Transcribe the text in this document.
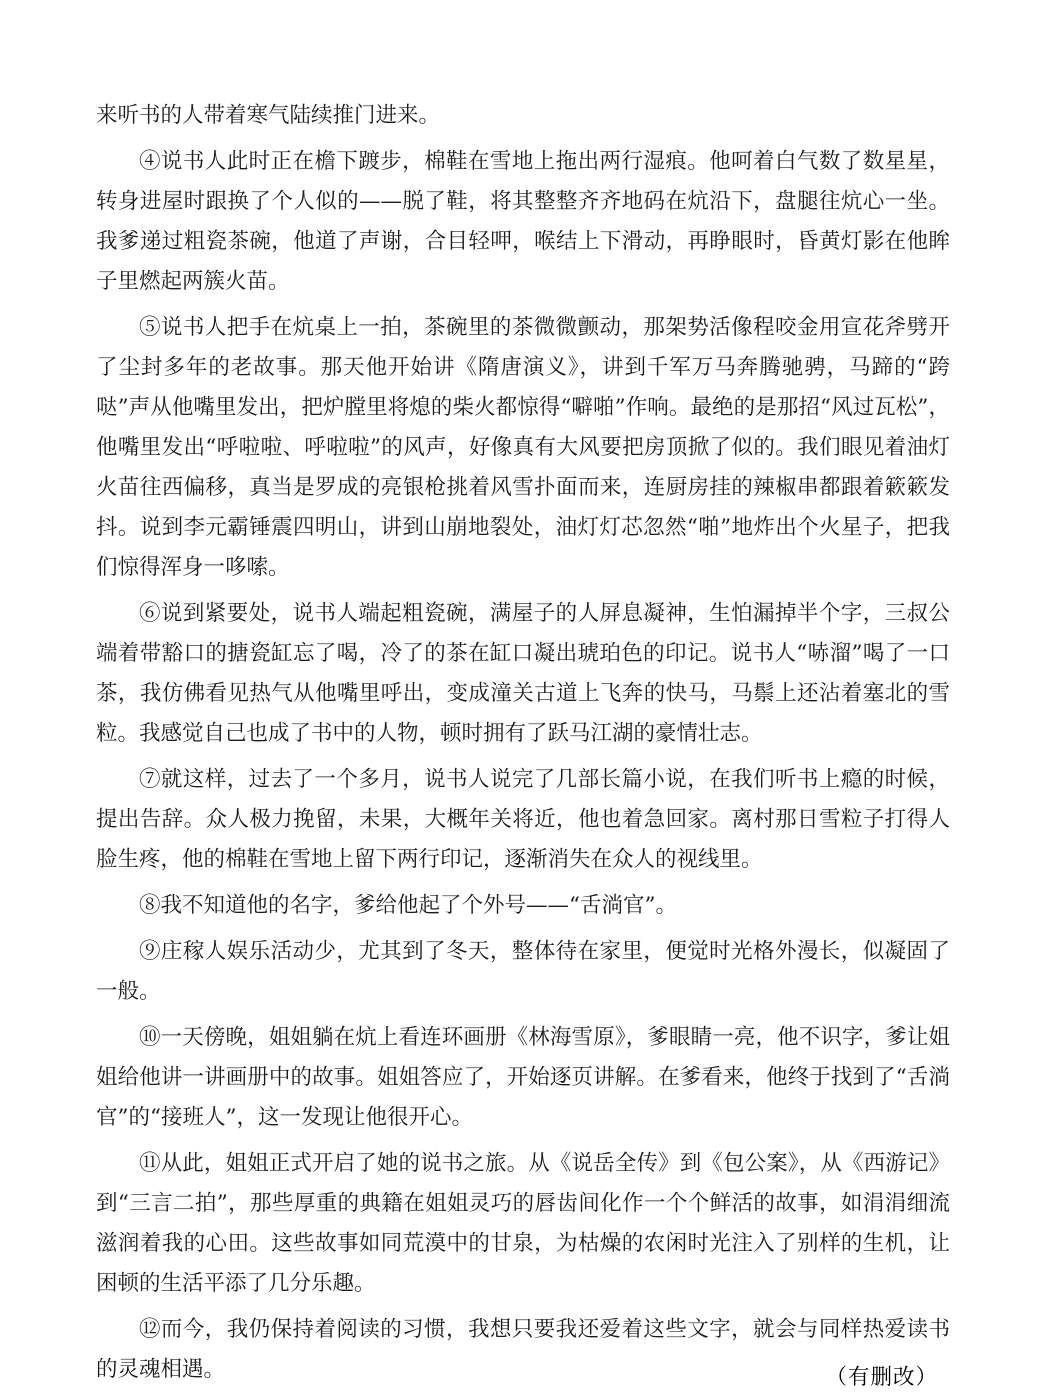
来听书的人带着寒气陆续推门进来。

④说书人此时正在檐下踱步，棉鞋在雪地上拖出两行湿痕。他呵着白气数了数星星，转身进屋时跟换了个人似的——脱了鞋，将其整整齐齐地码在炕沿下，盘腿往炕心一坐。我爹递过粗瓷茶碗，他道了声谢，合目轻呷，喉结上下滑动，再睁眼时，昏黄灯影在他眸子里燃起两簇火苗。

⑤说书人把手在炕桌上一拍，茶碗里的茶微微颤动，那架势活像程咬金用宣花斧劈开了尘封多年的老故事。那天他开始讲《隋唐演义》，讲到千军万马奔腾驰骋，马蹄的“跨哒”声从他嘴里发出，把炉膛里将熄的柴火都惊得“噼啪”作响。最绝的是那招“风过瓦松”，他嘴里发出“呼啦啦、呼啦啦”的风声，好像真有大风要把房顶掀了似的。我们眼见着油灯火苗往西偏移，真当是罗成的亮银枪挑着风雪扑面而来，连厨房挂的辣椒串都跟着簌簌发抖。说到李元霸锤震四明山，讲到山崩地裂处，油灯灯芯忽然“啪”地炸出个火星子，把我们惊得浑身一哆嗦。

⑥说到紧要处，说书人端起粗瓷碗，满屋子的人屏息凝神，生怕漏掉半个字，三叔公端着带豁口的搪瓷缸忘了喝，冷了的茶在缸口凝出琥珀色的印记。说书人“哧溜”喝了一口茶，我仿佛看见热气从他嘴里呼出，变成潼关古道上飞奔的快马，马鬃上还沾着塞北的雪粒。我感觉自己也成了书中的人物，顿时拥有了跃马江湖的豪情壮志。

⑦就这样，过去了一个多月，说书人说完了几部长篇小说，在我们听书上瘾的时候，提出告辞。众人极力挽留，未果，大概年关将近，他也着急回家。离村那日雪粒子打得人脸生疼，他的棉鞋在雪地上留下两行印记，逐渐消失在众人的视线里。

⑧我不知道他的名字，爹给他起了个外号——“舌淌官”。

⑨庄稼人娱乐活动少，尤其到了冬天，整体待在家里，便觉时光格外漫长，似凝固了一般。

⑩一天傍晚，姐姐躺在炕上看连环画册《林海雪原》，爹眼睛一亮，他不识字，爹让姐姐给他讲一讲画册中的故事。姐姐答应了，开始逐页讲解。在爹看来，他终于找到了“舌淌官”的“接班人”，这一发现让他很开心。

⑪从此，姐姐正式开启了她的说书之旅。从《说岳全传》到《包公案》，从《西游记》到“三言二拍”，那些厚重的典籍在姐姐灵巧的唇齿间化作一个个鲜活的故事，如涓涓细流滋润着我的心田。这些故事如同荒漠中的甘泉，为枯燥的农闲时光注入了别样的生机，让困顿的生活平添了几分乐趣。

⑫而今，我仍保持着阅读的习惯，我想只要我还爱着这些文字，就会与同样热爱读书的灵魂相遇。	（有删改）
